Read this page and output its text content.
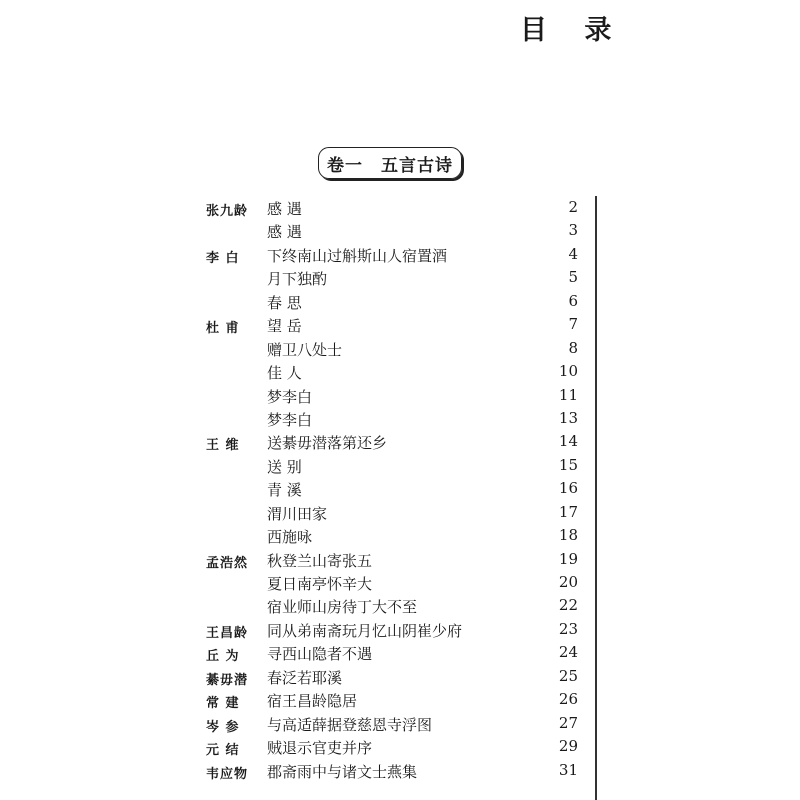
目 录
卷一　五言古诗
张九龄 感 遇	2
感 遇	3
李 白 下终南山过斛斯山人宿置酒	4
月下独酌	5
春 思	6
杜 甫 望 岳	7
赠卫八处士	8
佳 人	10
梦李白	11
梦李白	13
王 维 送綦毋潜落第还乡	14
送 别	15
青 溪	16
渭川田家	17
西施咏	18
孟浩然 秋登兰山寄张五	19
夏日南亭怀辛大	20
宿业师山房待丁大不至	22
王昌龄 同从弟南斋玩月忆山阴崔少府	23
丘 为 寻西山隐者不遇	24
綦毋潜 春泛若耶溪	25
常 建 宿王昌龄隐居	26
岑 参 与高适薛据登慈恩寺浮图	27
元 结 贼退示官吏并序	29
韦应物 郡斋雨中与诸文士燕集	31
